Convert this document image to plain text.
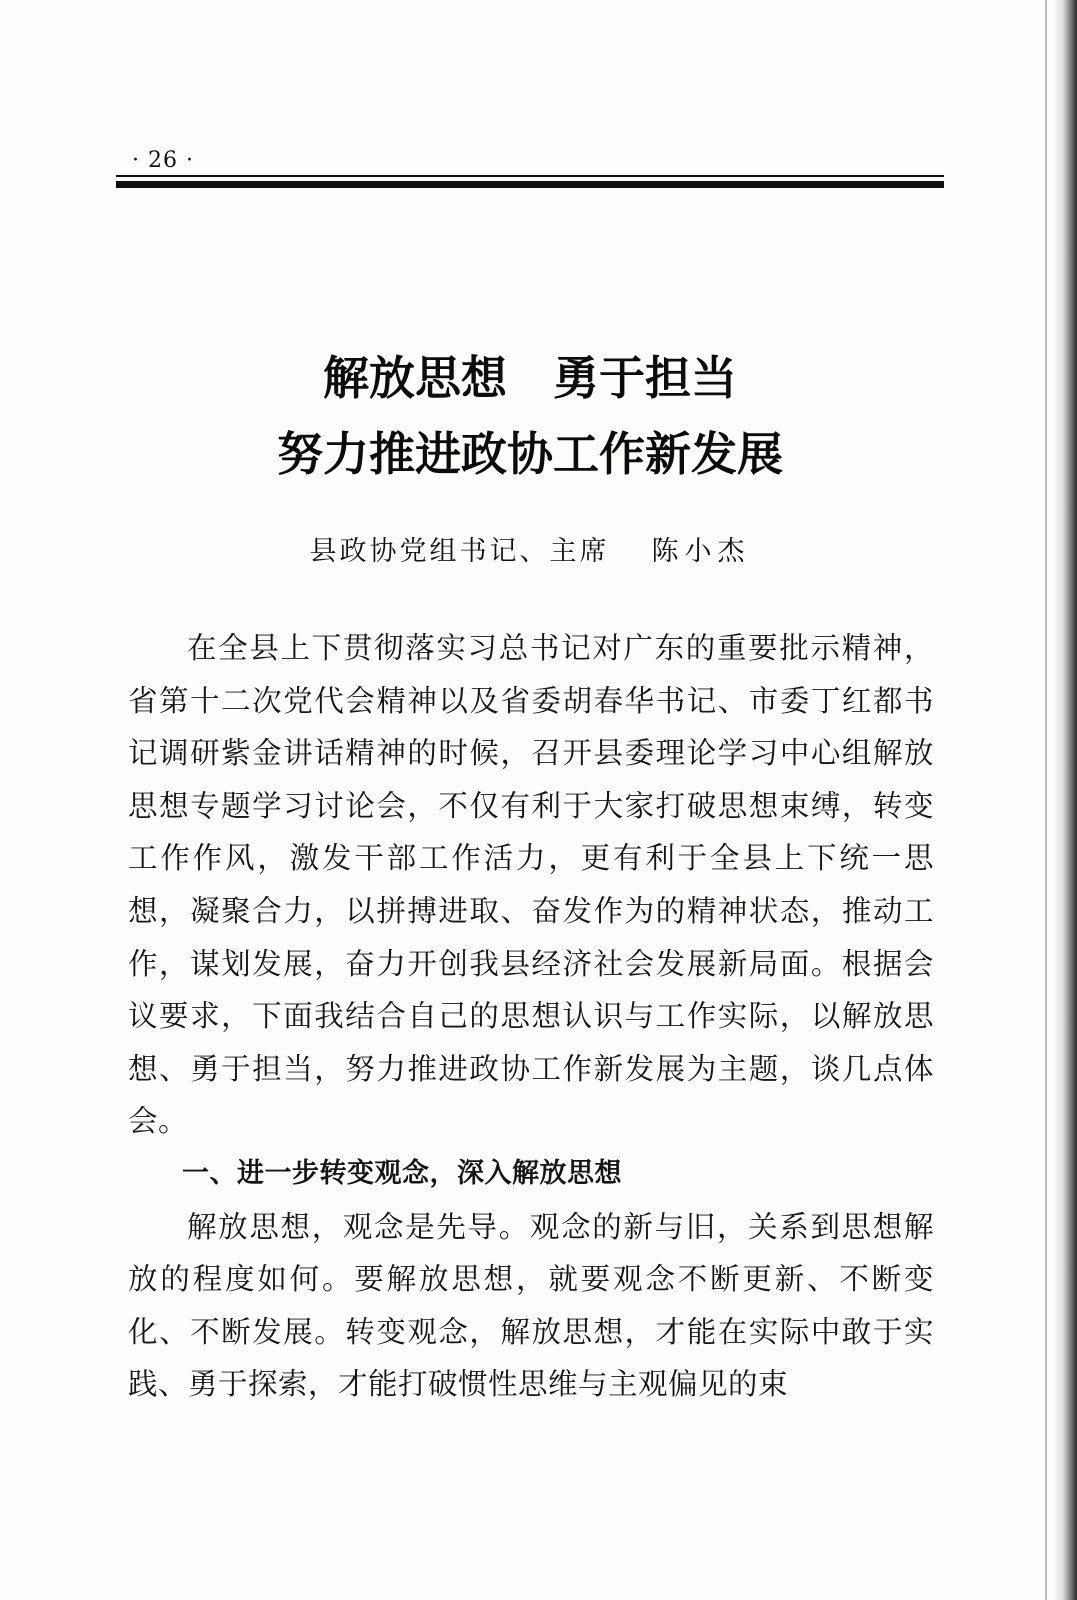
· 26 ·
解放思想　勇于担当
努力推进政协工作新发展
县政协党组书记、主席 陈小杰

在全县上下贯彻落实习总书记对广东的重要批示精神，省第十二次党代会精神以及省委胡春华书记、市委丁红都书记调研紫金讲话精神的时候，召开县委理论学习中心组解放思想专题学习讨论会，不仅有利于大家打破思想束缚，转变工作作风，激发干部工作活力，更有利于全县上下统一思想，凝聚合力，以拼搏进取、奋发作为的精神状态，推动工作，谋划发展，奋力开创我县经济社会发展新局面。根据会议要求，下面我结合自己的思想认识与工作实际，以解放思想、勇于担当，努力推进政协工作新发展为主题，谈几点体会。

一、进一步转变观念，深入解放思想

解放思想，观念是先导。观念的新与旧，关系到思想解放的程度如何。要解放思想，就要观念不断更新、不断变化、不断发展。转变观念，解放思想，才能在实际中敢于实践、勇于探索，才能打破惯性思维与主观偏见的束
